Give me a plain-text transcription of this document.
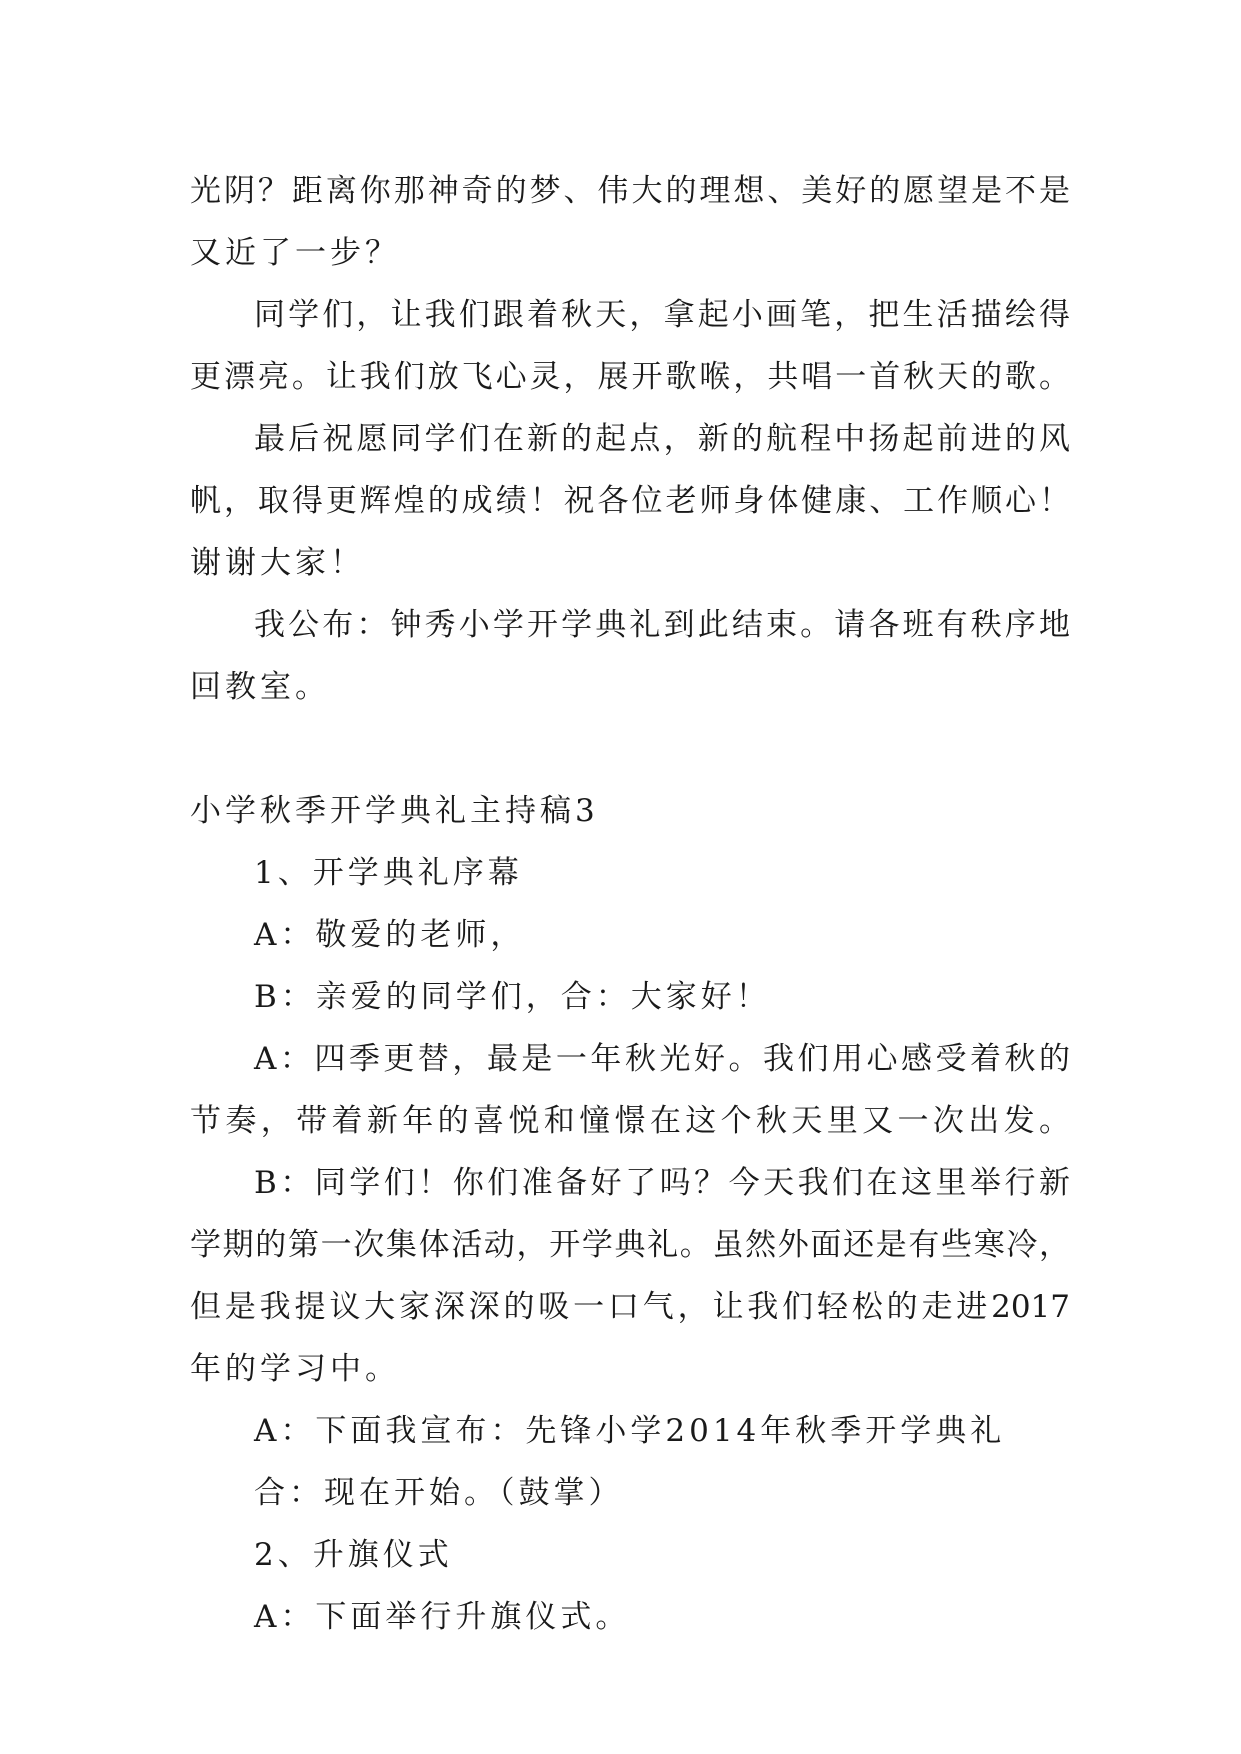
光阴？距离你那神奇的梦、伟大的理想、美好的愿望是不是

又近了一步？

同学们，让我们跟着秋天，拿起小画笔，把生活描绘得

更漂亮。让我们放飞心灵，展开歌喉，共唱一首秋天的歌。

最后祝愿同学们在新的起点，新的航程中扬起前进的风

帆，取得更辉煌的成绩！祝各位老师身体健康、工作顺心！

谢谢大家！

我公布：钟秀小学开学典礼到此结束。请各班有秩序地

回教室。

小学秋季开学典礼主持稿3

1、开学典礼序幕

A：敬爱的老师，

B：亲爱的同学们，合：大家好！

A：四季更替，最是一年秋光好。我们用心感受着秋的

节奏，带着新年的喜悦和憧憬在这个秋天里又一次出发。

B：同学们！你们准备好了吗？今天我们在这里举行新

学期的第一次集体活动，开学典礼。虽然外面还是有些寒冷，

但是我提议大家深深的吸一口气，让我们轻松的走进2017

年的学习中。

A：下面我宣布：先锋小学2014年秋季开学典礼

合：现在开始。（鼓掌）

2、升旗仪式

A：下面举行升旗仪式。
